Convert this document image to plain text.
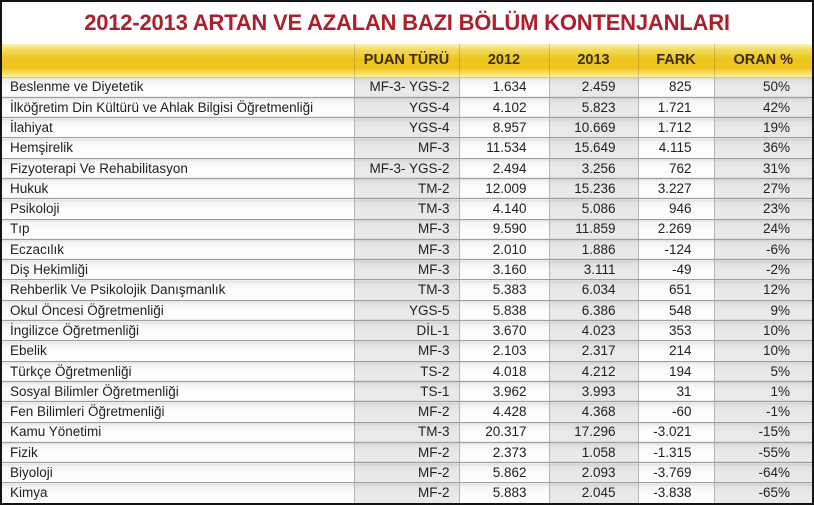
2012-2013 ARTAN VE AZALAN BAZI BÖLÜM KONTENJANLARI
	PUAN TÜRÜ	2012	2013	FARK	ORAN %
Beslenme ve Diyetetik	MF-3- YGS-2	1.634	2.459	825	50%
İlköğretim Din Kültürü ve Ahlak Bilgisi Öğretmenliği	YGS-4	4.102	5.823	1.721	42%
İlahiyat	YGS-4	8.957	10.669	1.712	19%
Hemşirelik	MF-3	11.534	15.649	4.115	36%
Fizyoterapi Ve Rehabilitasyon	MF-3- YGS-2	2.494	3.256	762	31%
Hukuk	TM-2	12.009	15.236	3.227	27%
Psikoloji	TM-3	4.140	5.086	946	23%
Tıp	MF-3	9.590	11.859	2.269	24%
Eczacılık	MF-3	2.010	1.886	-124	-6%
Diş Hekimliği	MF-3	3.160	3.111	-49	-2%
Rehberlik Ve Psikolojik Danışmanlık	TM-3	5.383	6.034	651	12%
Okul Öncesi Öğretmenliği	YGS-5	5.838	6.386	548	9%
İngilizce Öğretmenliği	DİL-1	3.670	4.023	353	10%
Ebelik	MF-3	2.103	2.317	214	10%
Türkçe Öğretmenliği	TS-2	4.018	4.212	194	5%
Sosyal Bilimler Öğretmenliği	TS-1	3.962	3.993	31	1%
Fen Bilimleri Öğretmenliği	MF-2	4.428	4.368	-60	-1%
Kamu Yönetimi	TM-3	20.317	17.296	-3.021	-15%
Fizik	MF-2	2.373	1.058	-1.315	-55%
Biyoloji	MF-2	5.862	2.093	-3.769	-64%
Kimya	MF-2	5.883	2.045	-3.838	-65%
